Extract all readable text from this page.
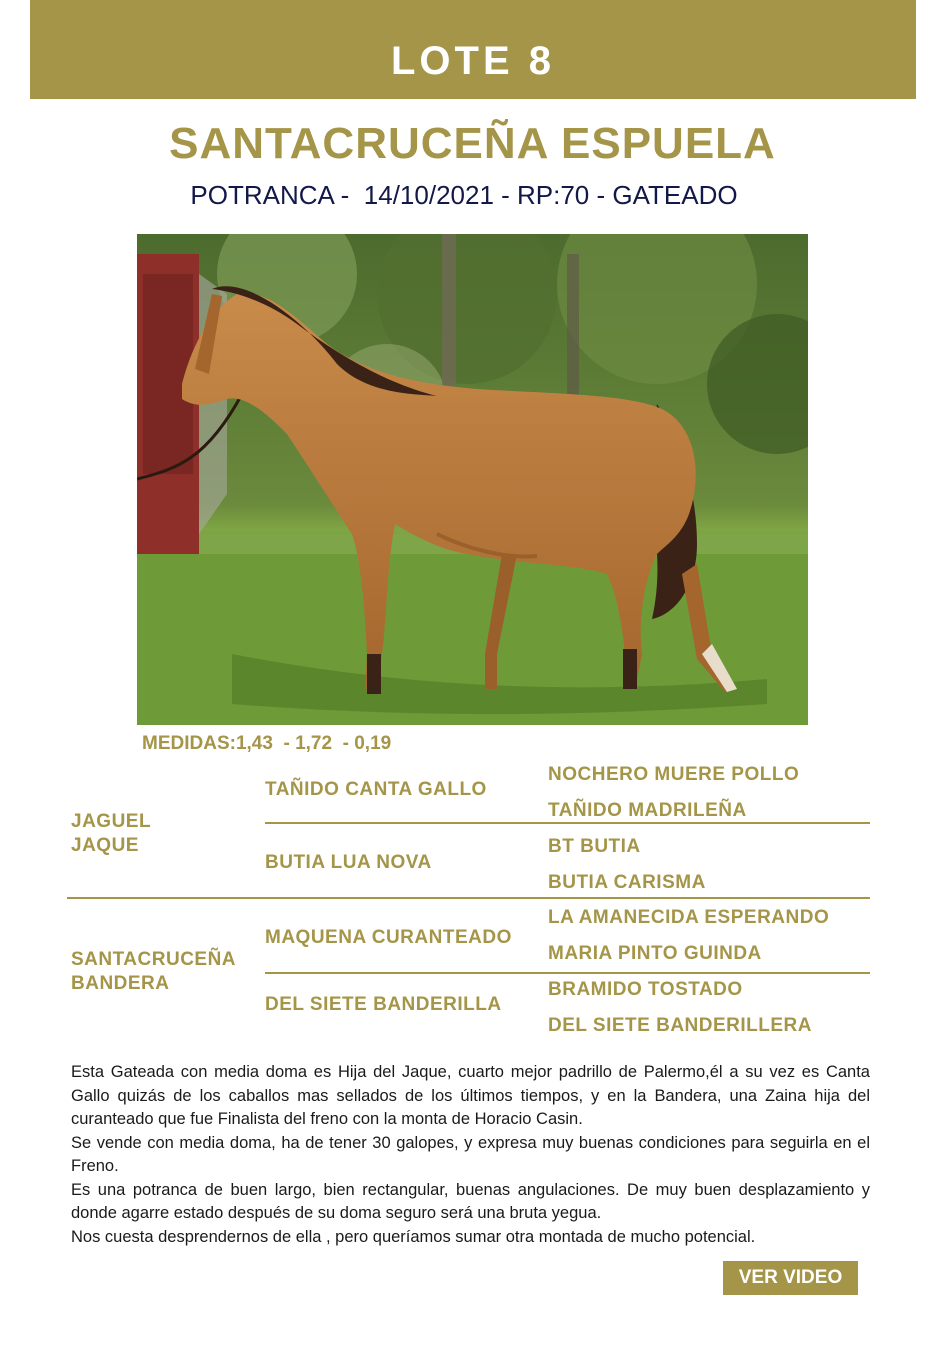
LOTE 8
SANTACRUCEÑA ESPUELA
POTRANCA -  14/10/2021 - RP:70 - GATEADO
MEDIDAS:1,43  - 1,72  - 0,19
JAGUEL JAQUE
SANTACRUCEÑA BANDERA
TAÑIDO CANTA GALLO
BUTIA LUA NOVA
MAQUENA CURANTEADO
DEL SIETE BANDERILLA
NOCHERO MUERE POLLO
TAÑIDO MADRILEÑA
BT BUTIA
BUTIA CARISMA
LA AMANECIDA ESPERANDO
MARIA PINTO GUINDA
BRAMIDO TOSTADO
DEL SIETE BANDERILLERA

Esta Gateada con media doma es Hija del Jaque, cuarto mejor padrillo de Palermo,él a su vez es Canta Gallo quizás de los caballos mas sellados de los últimos tiempos, y en la Bandera, una Zaina hija del curanteado que fue Finalista del freno con la monta de Horacio Casin.

Se vende con media doma, ha de tener 30 galopes, y expresa muy buenas condiciones para seguirla en el Freno.

Es una potranca de buen largo, bien rectangular, buenas angulaciones. De muy buen desplazamiento y donde agarre estado después de su doma seguro será una bruta yegua.

Nos cuesta desprendernos de ella , pero queríamos sumar otra montada de mucho potencial.

VER VIDEO
